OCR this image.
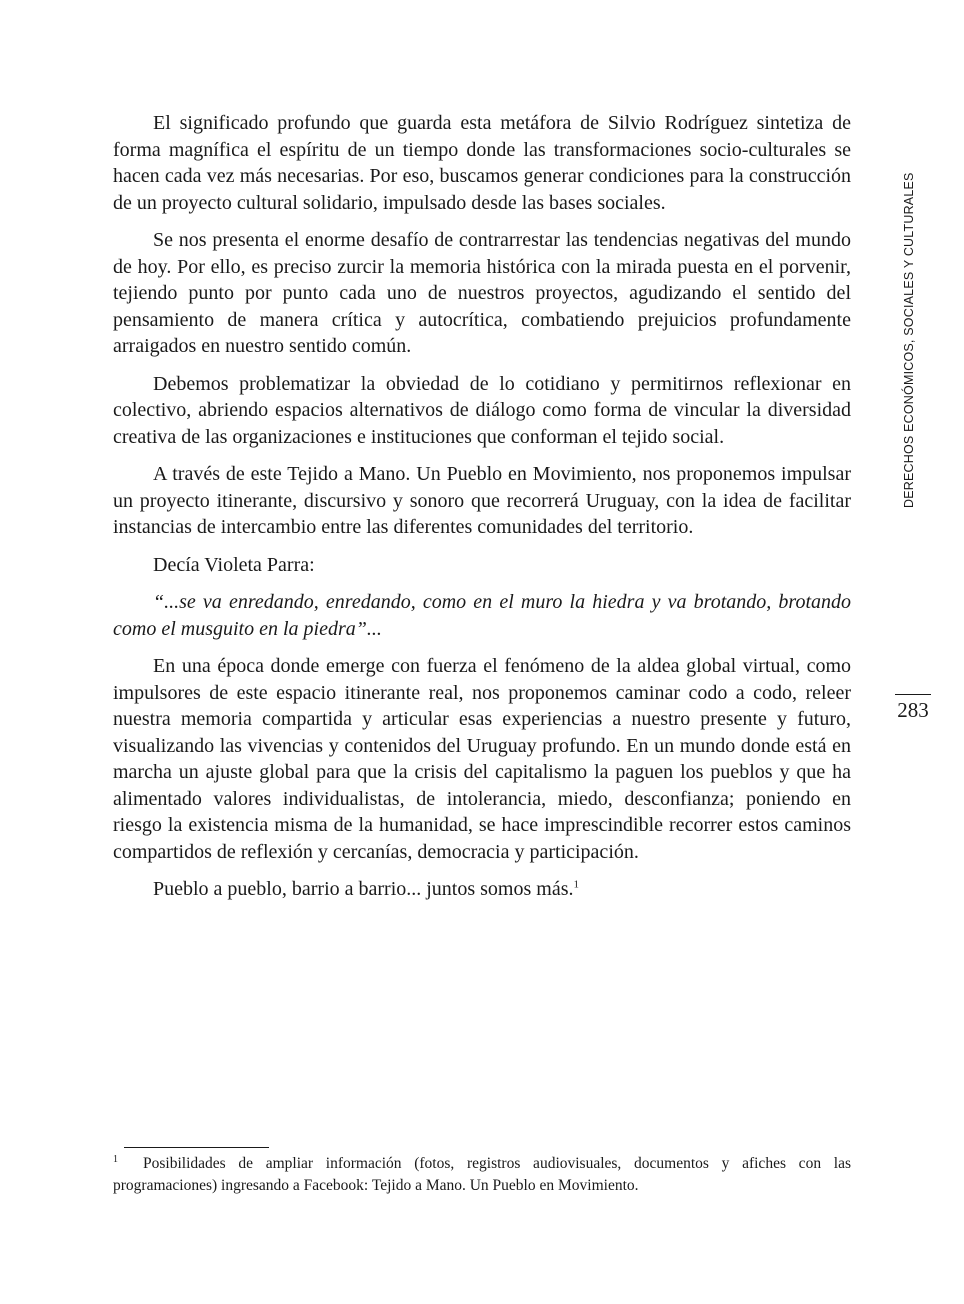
El significado profundo que guarda esta metáfora de Silvio Rodríguez sintetiza de forma magnífica el espíritu de un tiempo donde las transformaciones socio-culturales se hacen cada vez más necesarias. Por eso, buscamos generar condiciones para la construcción de un proyecto cultural solidario, impulsado desde las bases sociales.

Se nos presenta el enorme desafío de contrarrestar las tendencias negativas del mundo de hoy. Por ello, es preciso zurcir la memoria histórica con la mirada puesta en el porvenir, tejiendo punto por punto cada uno de nuestros proyectos, agudizando el sentido del pensamiento de manera crítica y autocrítica, combatiendo prejuicios profundamente arraigados en nuestro sentido común.

Debemos problematizar la obviedad de lo cotidiano y permitirnos reflexionar en colectivo, abriendo espacios alternativos de diálogo como forma de vincular la diversidad creativa de las organizaciones e instituciones que conforman el tejido social.

A través de este Tejido a Mano. Un Pueblo en Movimiento, nos proponemos impulsar un proyecto itinerante, discursivo y sonoro que recorrerá Uruguay, con la idea de facilitar instancias de intercambio entre las diferentes comunidades del territorio.

Decía Violeta Parra:

“...se va enredando, enredando, como en el muro la hiedra y va brotando, brotando como el musguito en la piedra”...

En una época donde emerge con fuerza el fenómeno de la aldea global virtual, como impulsores de este espacio itinerante real, nos proponemos caminar codo a codo, releer nuestra memoria compartida y articular esas experiencias a nuestro presente y futuro, visualizando las vivencias y contenidos del Uruguay profundo. En un mundo donde está en marcha un ajuste global para que la crisis del capitalismo la paguen los pueblos y que ha alimentado valores individualistas, de intolerancia, miedo, desconfianza; poniendo en riesgo la existencia misma de la humanidad, se hace imprescindible recorrer estos caminos compartidos de reflexión y cercanías, democracia y participación.

Pueblo a pueblo, barrio a barrio... juntos somos más.$^1$

DERECHOS ECONÓMICOS, SOCIALES Y CULTURALES
283
1 Posibilidades de ampliar información (fotos, registros audiovisuales, documentos y afiches con las programaciones) ingresando a Facebook: Tejido a Mano. Un Pueblo en Movimiento.
